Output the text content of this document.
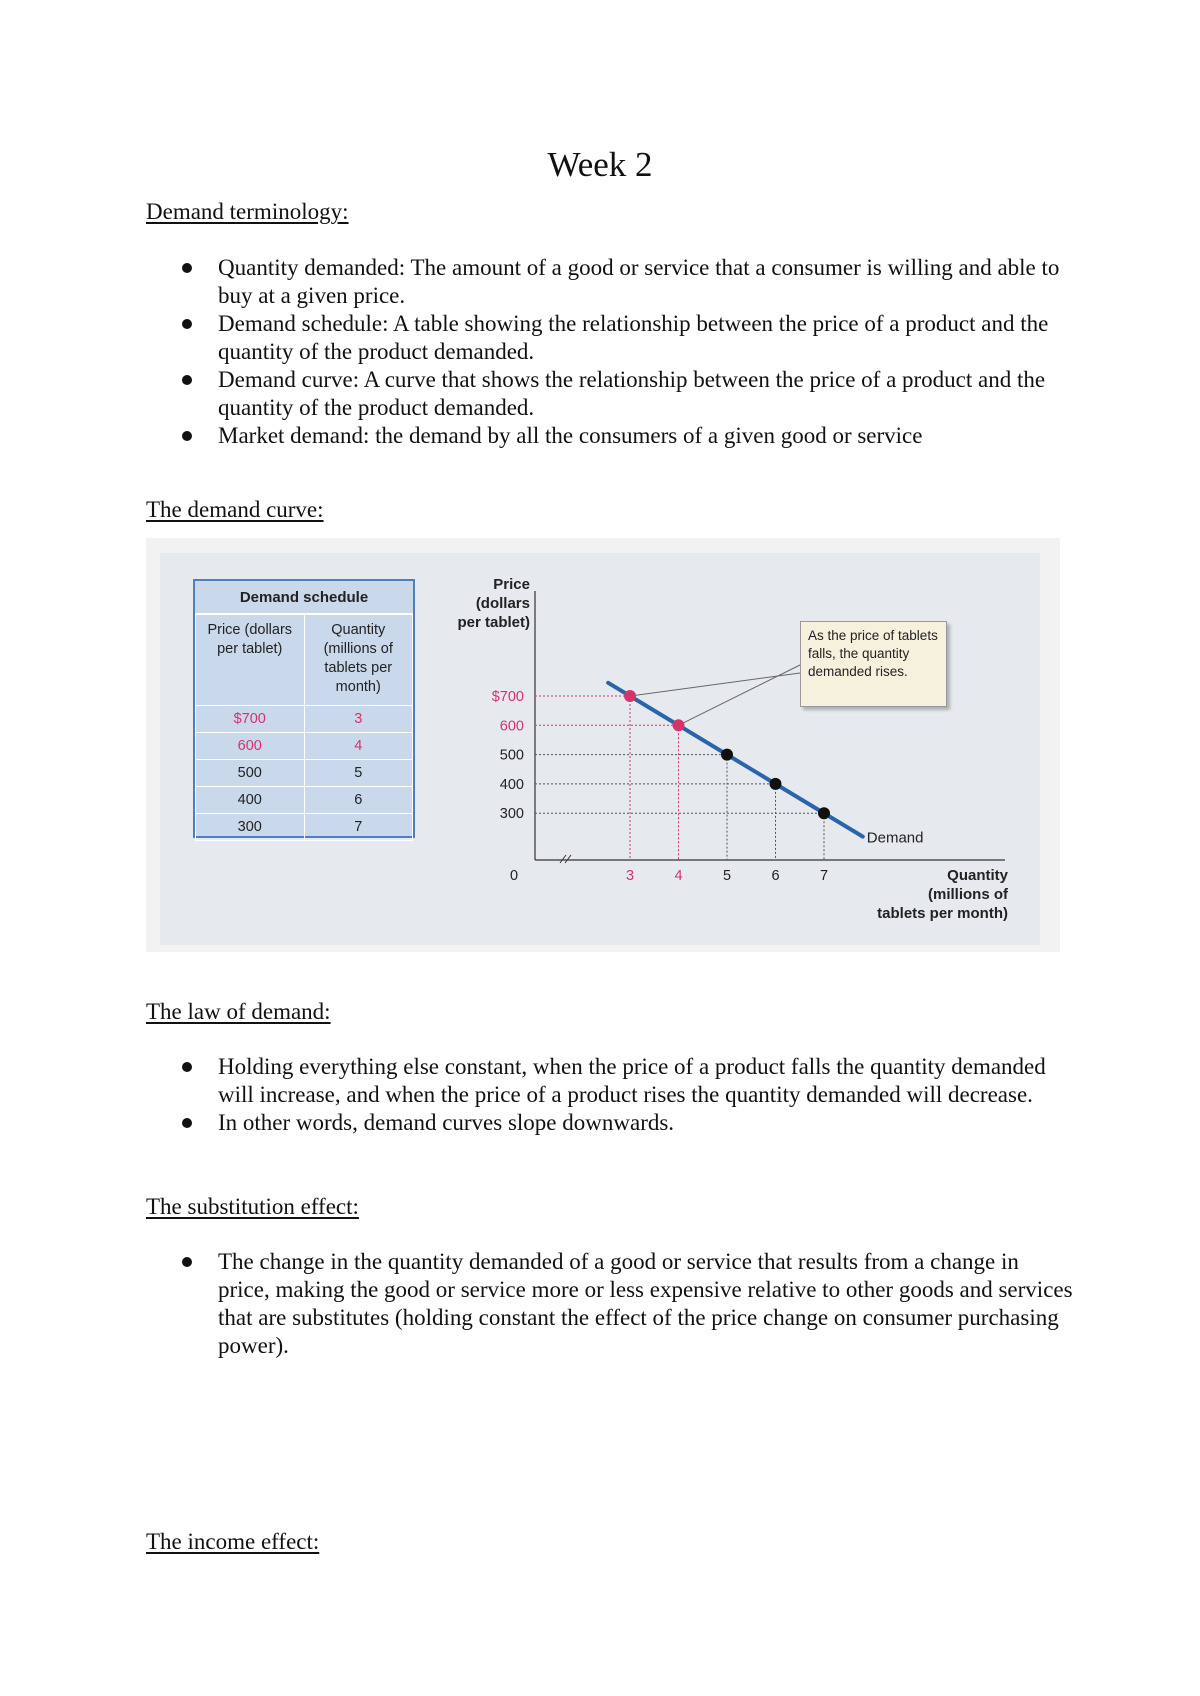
Week 2
Demand terminology:
Quantity demanded: The amount of a good or service that a consumer is willing and able to buy at a given price.
Demand schedule: A table showing the relationship between the price of a product and the quantity of the product demanded.
Demand curve: A curve that shows the relationship between the price of a product and the quantity of the product demanded.
Market demand: the demand by all the consumers of a given good or service
The demand curve:
Demand schedule
Price (dollars per tablet)	Quantity (millions of tablets per month)
$700	3
600	4
500	5
400	6
300	7
Demand
$700
600
500
400
300
3	4	5	6	7
0
Price
(dollars
per tablet)
Quantity
(millions of
tablets per month)
As the price of tablets falls, the quantity demanded rises.
The law of demand:
Holding everything else constant, when the price of a product falls the quantity demanded will increase, and when the price of a product rises the quantity demanded will decrease.
In other words, demand curves slope downwards.
The substitution effect:
The change in the quantity demanded of a good or service that results from a change in price, making the good or service more or less expensive relative to other goods and services that are substitutes (holding constant the effect of the price change on consumer purchasing power).
The income effect:
